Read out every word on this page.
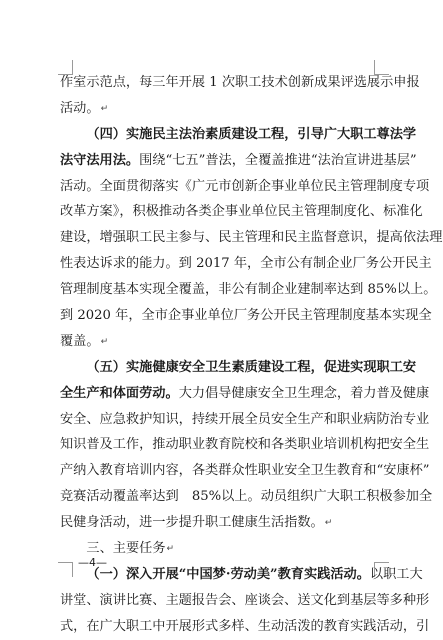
作室示范点，每三年开展 1 次职工技术创新成果评选展示申报
活动。↵
（四）实施民主法治素质建设工程，引导广大职工尊法学
法守法用法。围绕“七五”普法，全覆盖推进“法治宣讲进基层”
活动。全面贯彻落实《广元市创新企事业单位民主管理制度专项
改革方案》，积极推动各类企事业单位民主管理制度化、标准化
建设，增强职工民主参与、民主管理和民主监督意识，提高依法理
性表达诉求的能力。到 2017 年，全市公有制企业厂务公开民主
管理制度基本实现全覆盖，非公有制企业建制率达到 85%以上。
到 2020 年，全市企事业单位厂务公开民主管理制度基本实现全
覆盖。↵
（五）实施健康安全卫生素质建设工程，促进实现职工安
全生产和体面劳动。大力倡导健康安全卫生理念，着力普及健康
安全、应急救护知识，持续开展全员安全生产和职业病防治专业
知识普及工作，推动职业教育院校和各类职业培训机构把安全生
产纳入教育培训内容，各类群众性职业安全卫生教育和“安康杯”
竞赛活动覆盖率达到　85%以上。动员组织广大职工积极参加全
民健身活动，进一步提升职工健康生活指数。↵
三、主要任务↵
（一）深入开展“中国梦·劳动美”教育实践活动。以职工大
讲堂、演讲比赛、主题报告会、座谈会、送文化到基层等多种形
式，在广大职工中开展形式多样、生动活泼的教育实践活动，引
—4—
